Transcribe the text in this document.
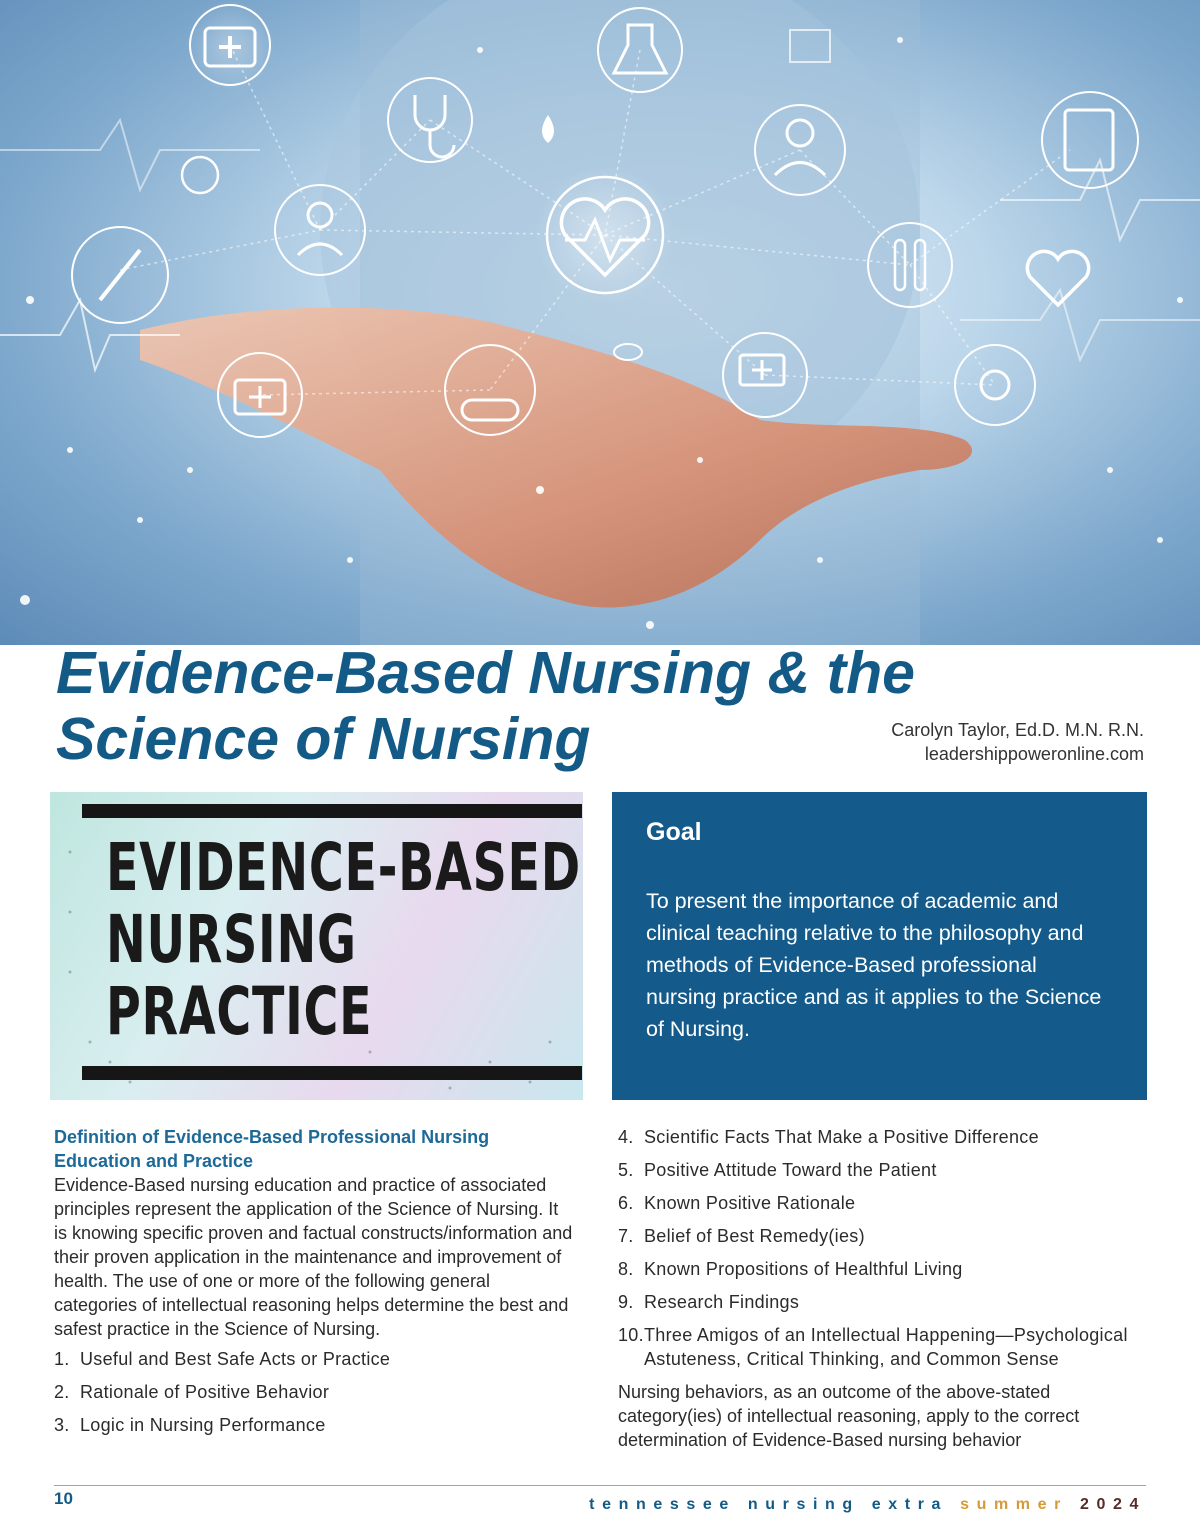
Evidence-Based Nursing & the Science of Nursing	Carolyn Taylor, Ed.D. M.N. R.N.
leadershippoweronline.com
EVIDENCE-BASED
NURSING
PRACTICE
Goal

To present the importance of academic and clinical teaching relative to the philosophy and methods of Evidence-Based professional nursing practice and as it applies to the Science of Nursing.

Definition of Evidence-Based Professional Nursing Education and Practice

Evidence-Based nursing education and practice of associated principles represent the application of the Science of Nursing. It is knowing specific proven and factual constructs/information and their proven application in the maintenance and improvement of health. The use of one or more of the following general categories of intellectual reasoning helps determine the best and safest practice in the Science of Nursing.

1. Useful and Best Safe Acts or Practice
2. Rationale of Positive Behavior
3. Logic in Nursing Performance
4. Scientific Facts That Make a Positive Difference
5. Positive Attitude Toward the Patient
6. Known Positive Rationale
7. Belief of Best Remedy(ies)
8. Known Propositions of Healthful Living
9. Research Findings
10. Three Amigos of an Intellectual Happening—Psychological Astuteness, Critical Thinking, and Common Sense

Nursing behaviors, as an outcome of the above-stated category(ies) of intellectual reasoning, apply to the correct determination of Evidence-Based nursing behavior

10	tennessee nursing extra summer 2024
